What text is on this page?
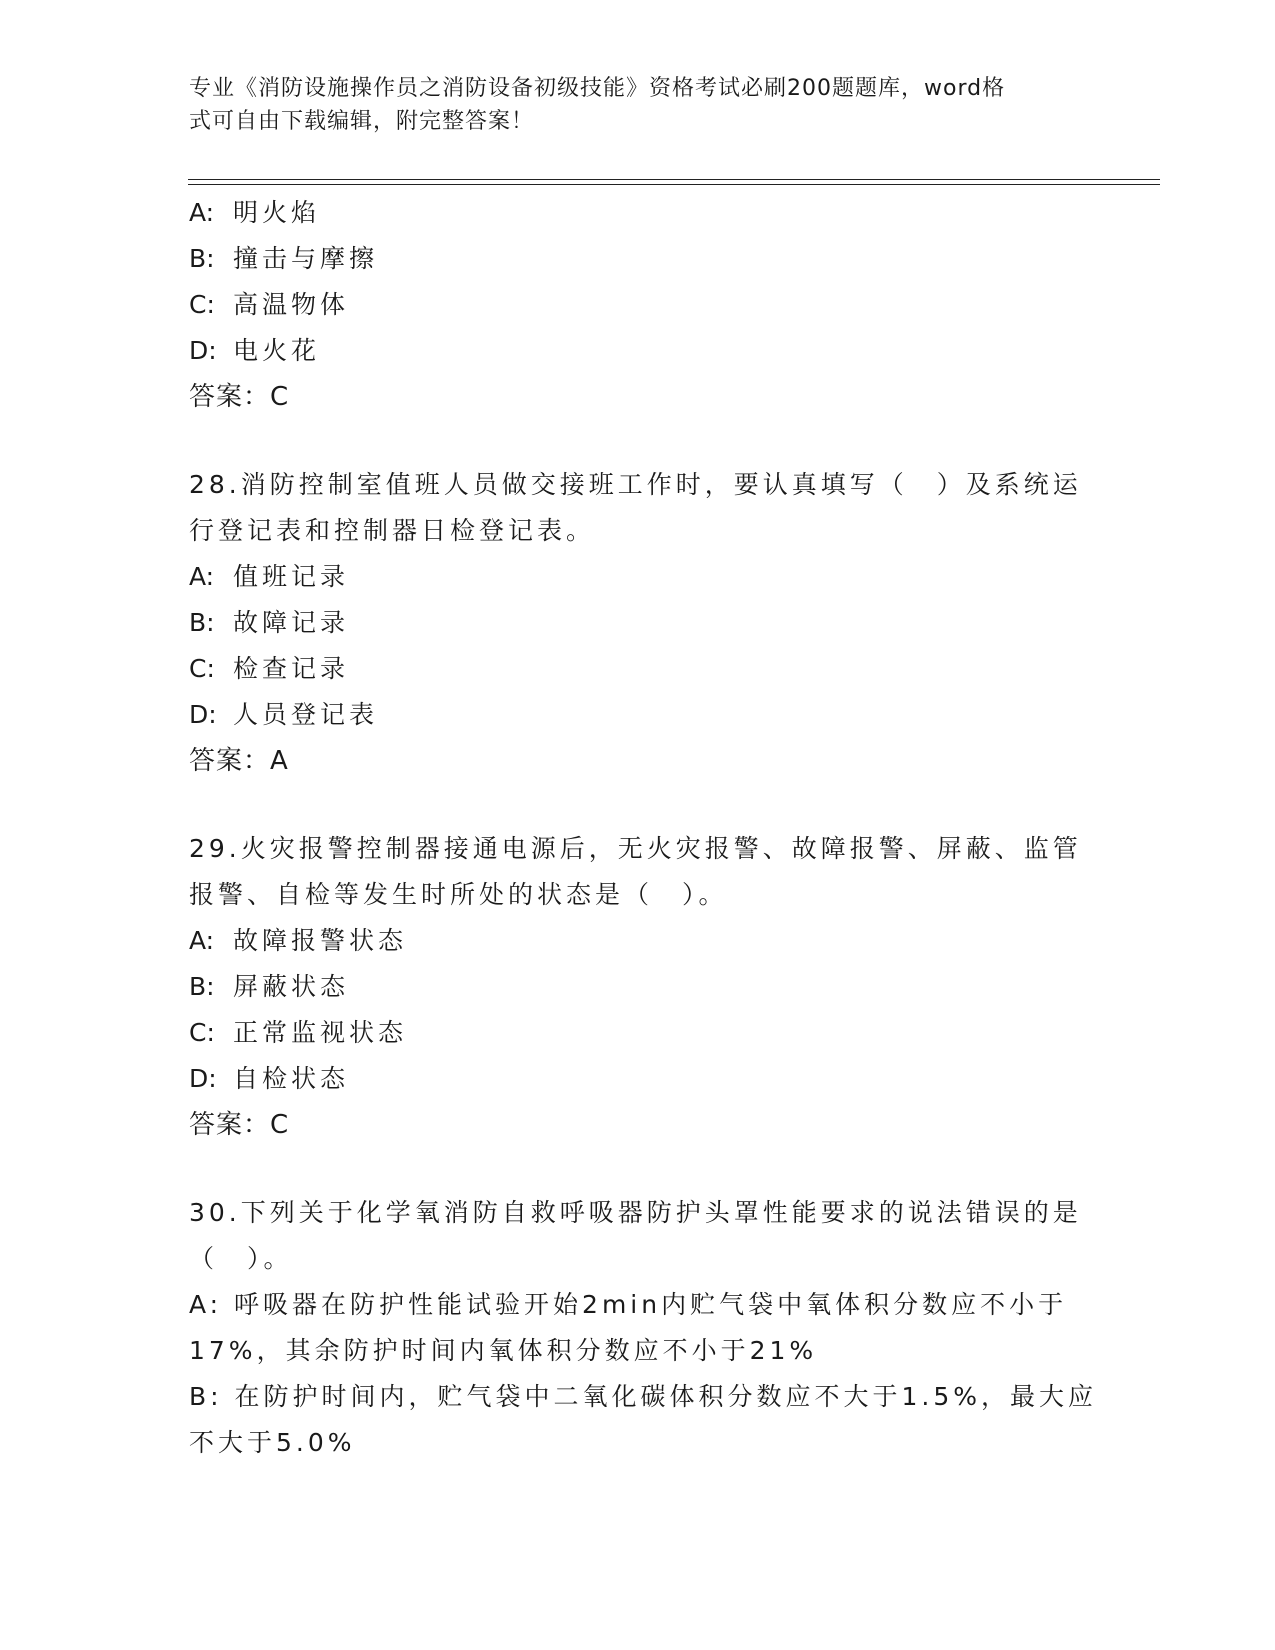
专业《消防设施操作员之消防设备初级技能》资格考试必刷200题题库，word格
式可自由下载编辑，附完整答案！
A: 明火焰
B: 撞击与摩擦
C: 高温物体
D: 电火花
答案：C
28.消防控制室值班人员做交接班工作时，要认真填写（　）及系统运
行登记表和控制器日检登记表。
A: 值班记录
B: 故障记录
C: 检查记录
D: 人员登记表
答案：A
29.火灾报警控制器接通电源后，无火灾报警、故障报警、屏蔽、监管
报警、自检等发生时所处的状态是（　）。
A: 故障报警状态
B: 屏蔽状态
C: 正常监视状态
D: 自检状态
答案：C
30.下列关于化学氧消防自救呼吸器防护头罩性能要求的说法错误的是
（　）。
A: 呼吸器在防护性能试验开始2min内贮气袋中氧体积分数应不小于
17%，其余防护时间内氧体积分数应不小于21%
B: 在防护时间内，贮气袋中二氧化碳体积分数应不大于1.5%，最大应
不大于5.0%
